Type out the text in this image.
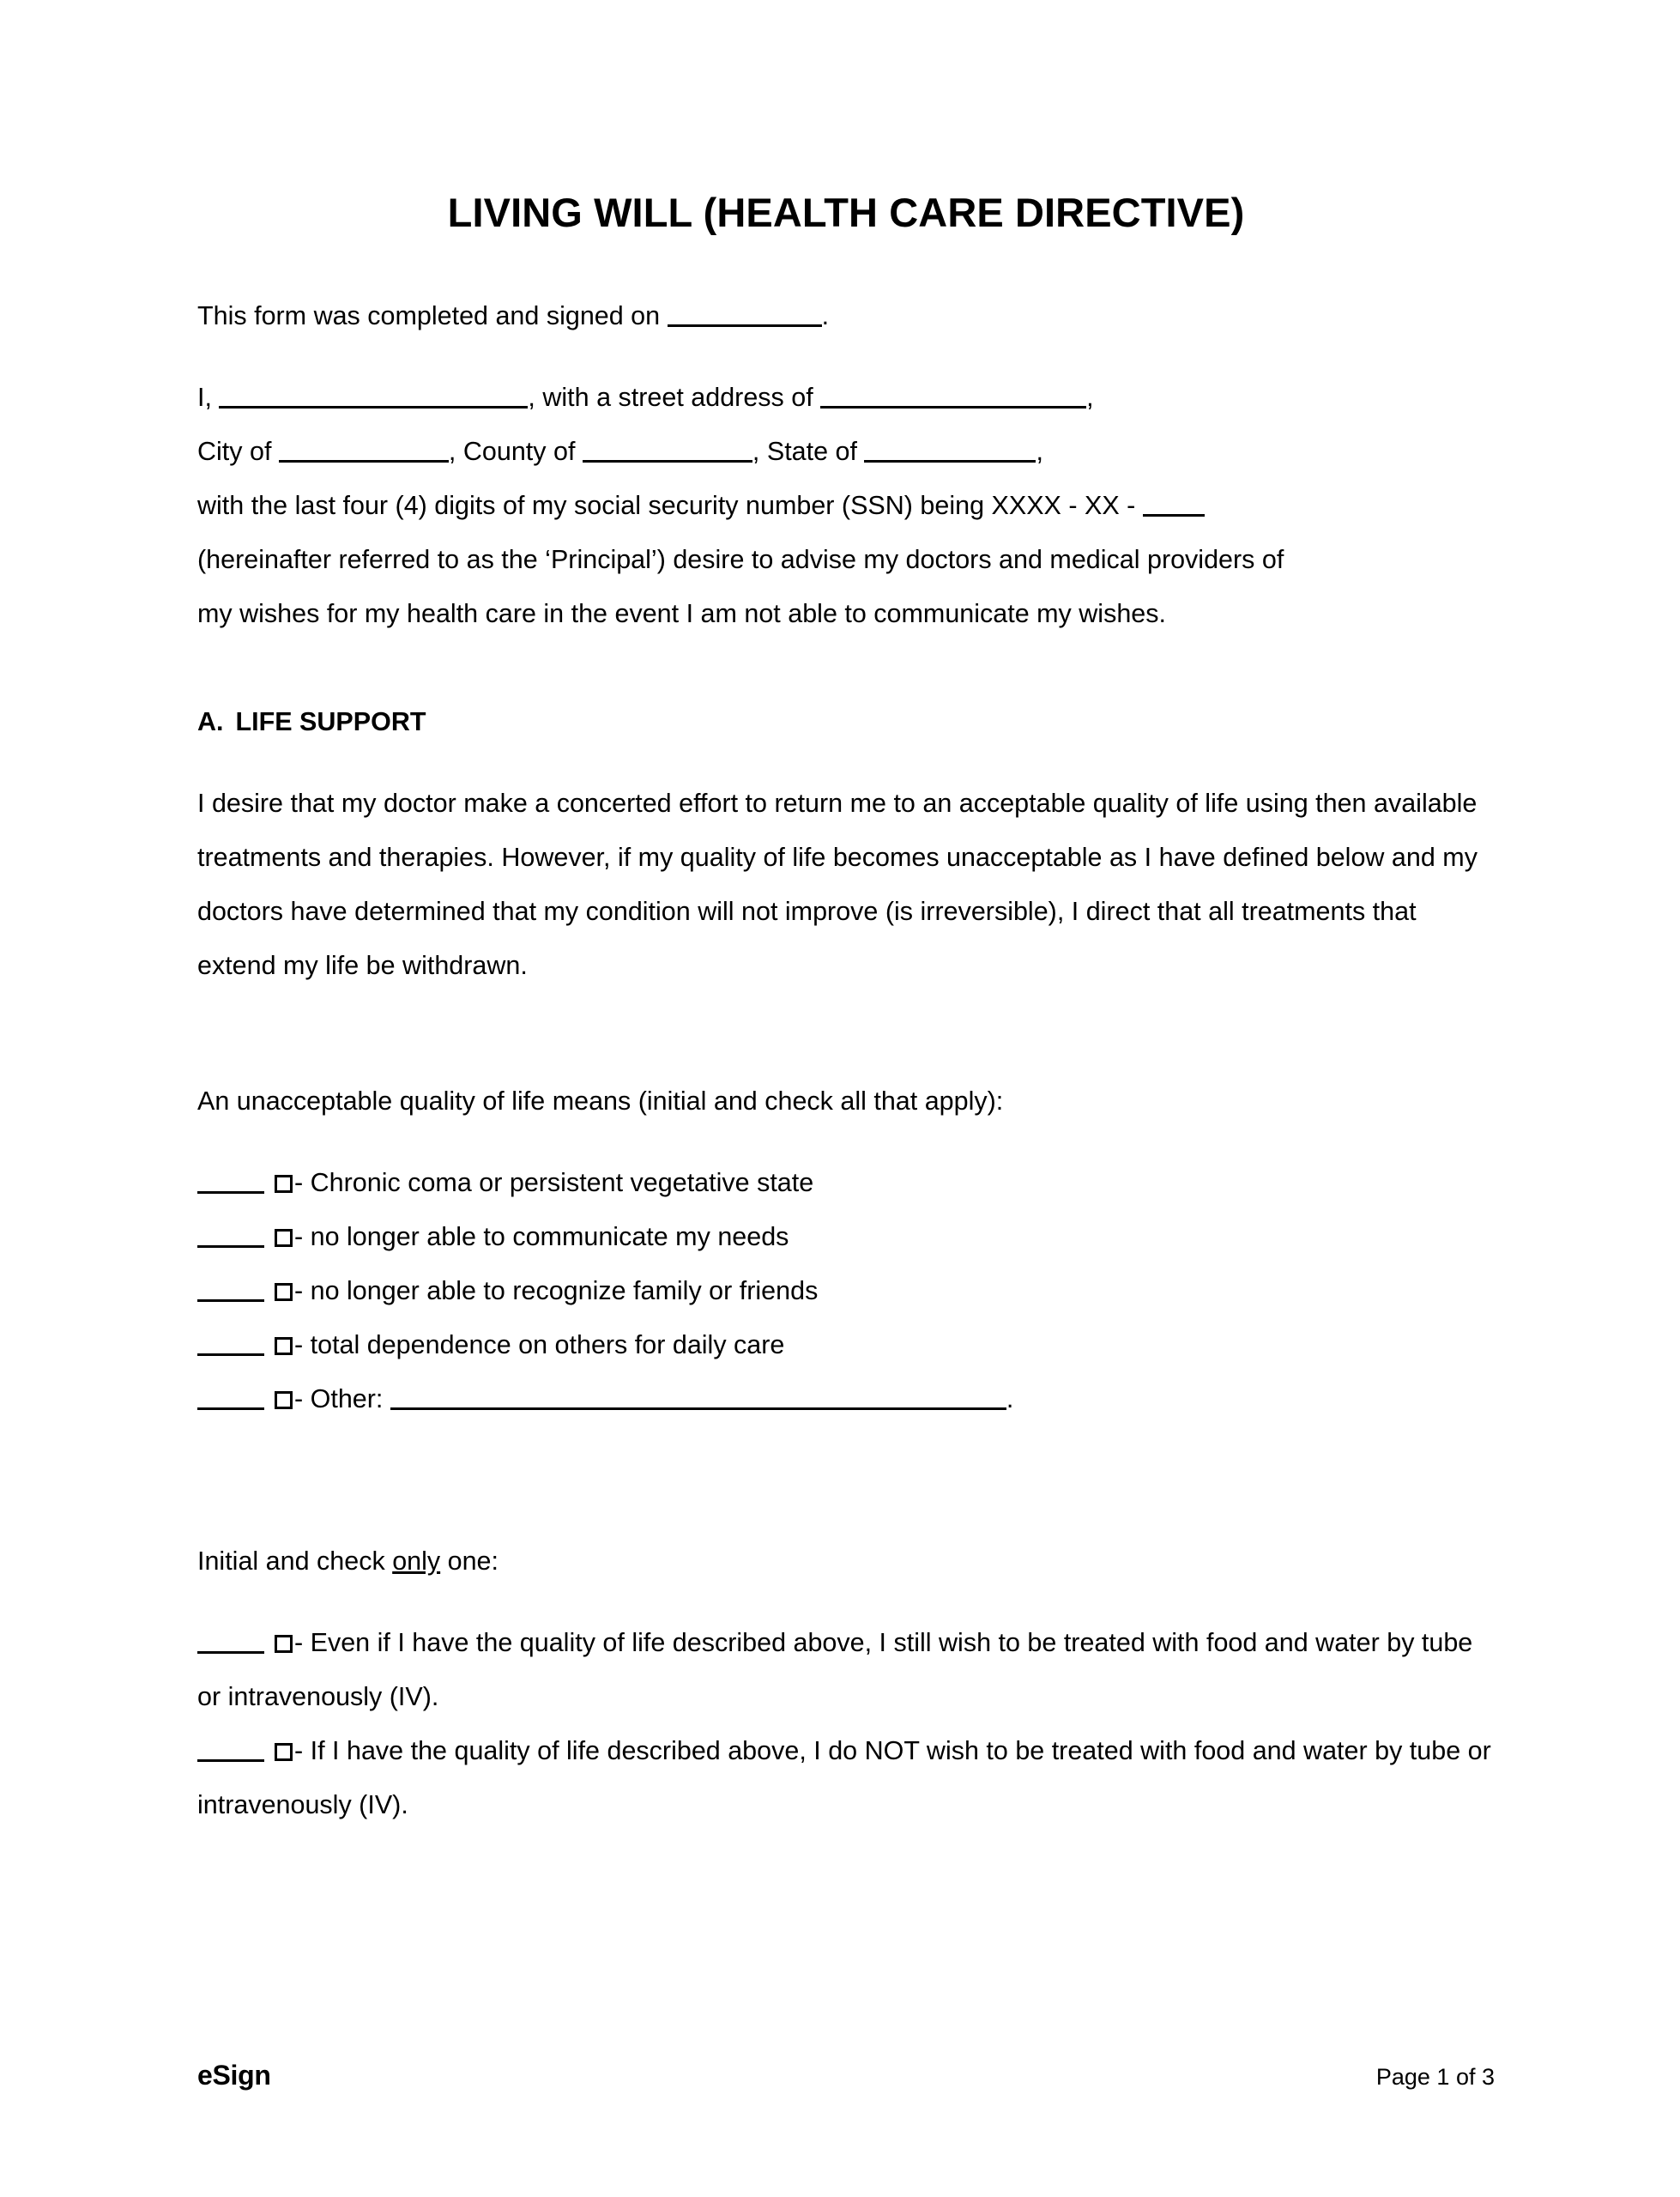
LIVING WILL (HEALTH CARE DIRECTIVE)

This form was completed and signed on	.

I,	, with a street address of	,

City of	, County of	, State of	,

with the last four (4) digits of my social security number (SSN) being XXXX - XX -

(hereinafter referred to as the ‘Principal’) desire to advise my doctors and medical providers of

my wishes for my health care in the event I am not able to communicate my wishes.

A. LIFE SUPPORT

I desire that my doctor make a concerted effort to return me to an acceptable quality of life using then available treatments and therapies. However, if my quality of life becomes unacceptable as I have defined below and my doctors have determined that my condition will not improve (is irreversible), I direct that all treatments that extend my life be withdrawn.

An unacceptable quality of life means (initial and check all that apply):

- Chronic coma or persistent vegetative state

- no longer able to communicate my needs

- no longer able to recognize family or friends

- total dependence on others for daily care

- Other:	.

Initial and check only one:

- Even if I have the quality of life described above, I still wish to be treated with food and water by tube or intravenously (IV).

- If I have the quality of life described above, I do NOT wish to be treated with food and water by tube or intravenously (IV).

eSign	Page 1 of 3
